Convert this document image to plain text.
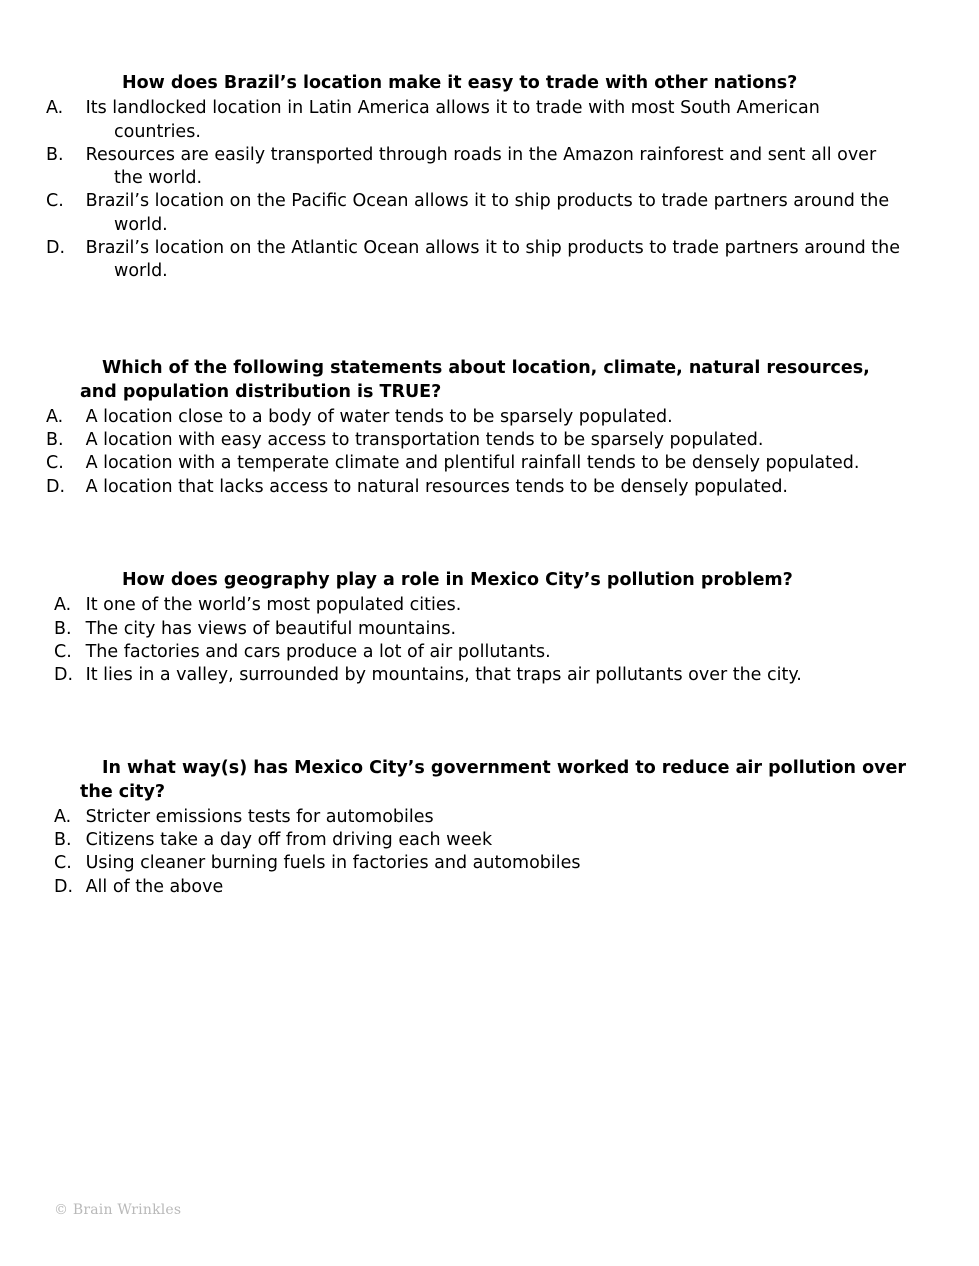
How does Brazil’s location make it easy to trade with other nations?

A. Its landlocked location in Latin America allows it to trade with most South American countries.
B. Resources are easily transported through roads in the Amazon rainforest and sent all over the world.
C. Brazil’s location on the Pacific Ocean allows it to ship products to trade partners around the world.
D. Brazil’s location on the Atlantic Ocean allows it to ship products to trade partners around the world.

Which of the following statements about location, climate, natural resources, and population distribution is TRUE?

A. A location close to a body of water tends to be sparsely populated.
B. A location with easy access to transportation tends to be sparsely populated.
C. A location with a temperate climate and plentiful rainfall tends to be densely populated.
D. A location that lacks access to natural resources tends to be densely populated.

How does geography play a role in Mexico City’s pollution problem?

A. It one of the world’s most populated cities.
B. The city has views of beautiful mountains.
C. The factories and cars produce a lot of air pollutants.
D. It lies in a valley, surrounded by mountains, that traps air pollutants over the city.

In what way(s) has Mexico City’s government worked to reduce air pollution over the city?

A. Stricter emissions tests for automobiles
B. Citizens take a day off from driving each week
C. Using cleaner burning fuels in factories and automobiles
D. All of the above
© Brain Wrinkles
